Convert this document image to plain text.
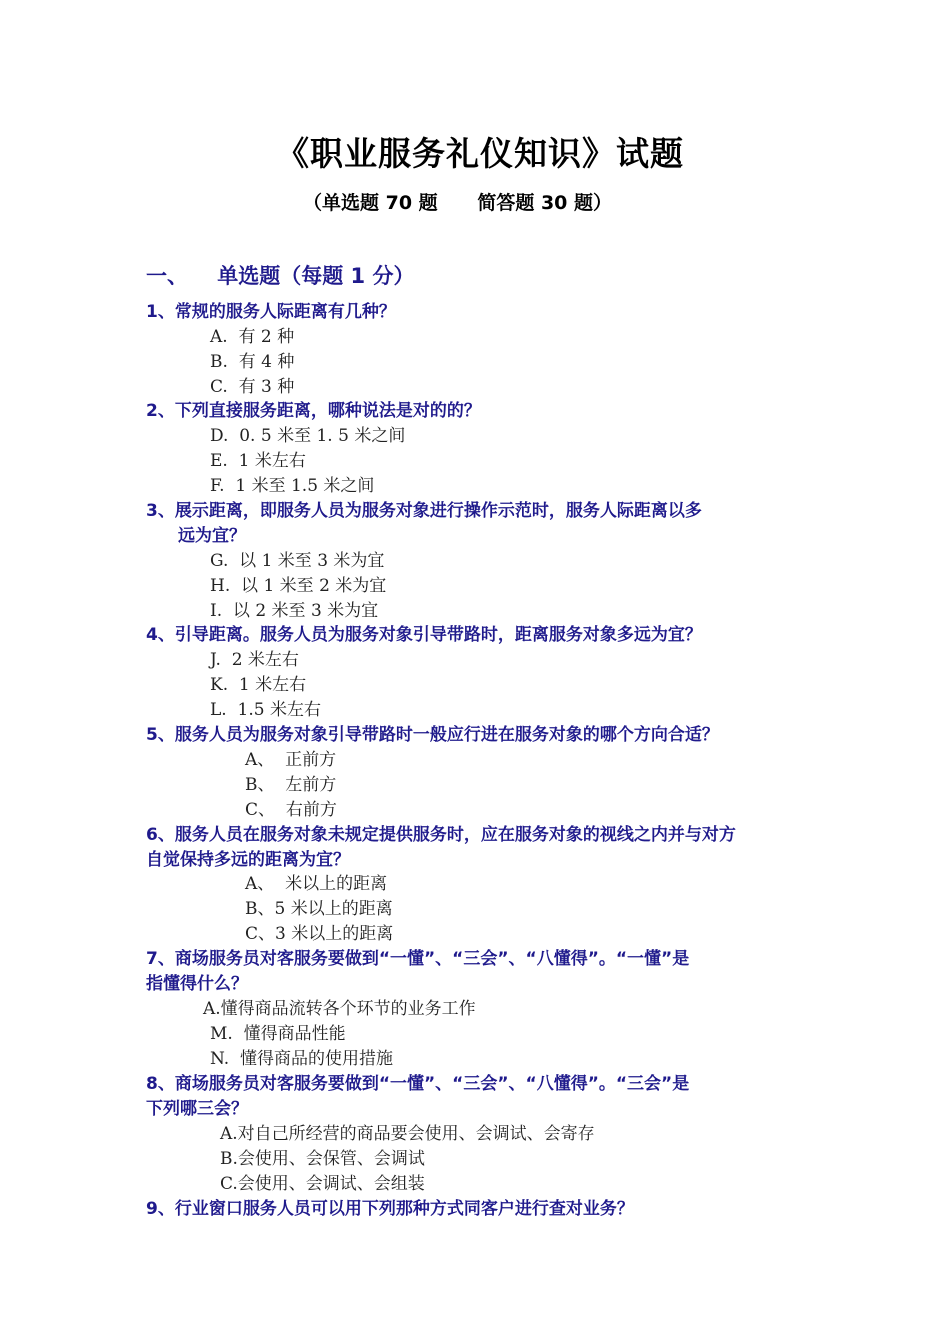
《职业服务礼仪知识》试题
（单选题 70 题      简答题 30 题）
一、    单选题（每题 1 分）
1、常规的服务人际距离有几种？
A.  有 2 种
B.  有 4 种
C.  有 3 种
2、下列直接服务距离，哪种说法是对的的？
D.  0. 5 米至 1. 5 米之间
E.  1 米左右
F.  1 米至 1.5 米之间
3、展示距离，即服务人员为服务对象进行操作示范时，服务人际距离以多
远为宜？
G.  以 1 米至 3 米为宜
H.  以 1 米至 2 米为宜
I.  以 2 米至 3 米为宜
4、引导距离。服务人员为服务对象引导带路时，距离服务对象多远为宜？
J.  2 米左右
K.  1 米左右
L.  1.5 米左右
5、服务人员为服务对象引导带路时一般应行进在服务对象的哪个方向合适？
A、  正前方
B、  左前方
C、  右前方
6、服务人员在服务对象未规定提供服务时，应在服务对象的视线之内并与对方
自觉保持多远的距离为宜？
A、  米以上的距离
B、5 米以上的距离
C、3 米以上的距离
7、商场服务员对客服务要做到“一懂”、“三会”、“八懂得”。“一懂”是
指懂得什么？
A.懂得商品流转各个环节的业务工作
M.  懂得商品性能
N.  懂得商品的使用措施
8、商场服务员对客服务要做到“一懂”、“三会”、“八懂得”。“三会”是
下列哪三会？
A.对自己所经营的商品要会使用、会调试、会寄存
B.会使用、会保管、会调试
C.会使用、会调试、会组装
9、行业窗口服务人员可以用下列那种方式同客户进行查对业务？
